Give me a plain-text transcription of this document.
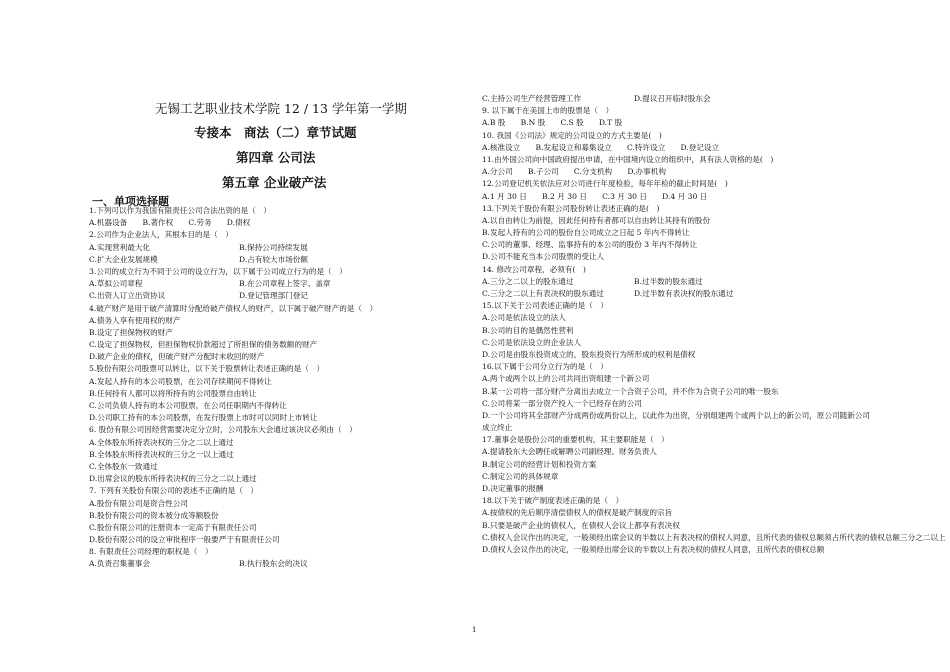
无锡工艺职业技术学院 12 / 13 学年第一学期
专接本　商法（二）章节试题
第四章 公司法
第五章 企业破产法
一、单项选择题
1.下列可以作为我国有限责任公司合法出资的是（　）
A.机器设备　　B.著作权　　C.劳务　　D.债权
2.公司作为企业法人，其根本目的是（　）
A.实现营利最大化	B.保持公司持续发展
C.扩大企业发展规模	D.占有较大市场份额
3.公司的成立行为不同于公司的设立行为，以下属于公司成立行为的是（　）
A.草拟公司章程	B.在公司章程上签字、盖章
C.出资人订立出资协议	D.登记管理部门登记
4.破产财产是用于破产清算时分配给破产债权人的财产，以下属于破产财产的是（　）
A.债务人享有使用权的财产
B.设定了担保物权的财产
C.设定了担保物权，但担保物权价款超过了所担保的债务数额的财产
D.破产企业的债权，但破产财产分配时未收回的财产
5.股份有限公司股票可以转让，以下关于股票转让表述正确的是（　）
A.发起人持有的本公司股票，在公司存续期间不得转让
B.任何持有人都可以将所持有的公司股票自由转让
C.公司负债人持有的本公司股票，在公司任职期内不得转让
D.公司职工持有的本公司股票，在发行股票上市时可以同时上市转让
6. 股份有限公司因经营需要决定分立时，公司股东大会通过该决议必须由（　）
A.全体股东所持表决权的三分之二以上通过
B.全体股东所持表决权的三分之一以上通过
C.全体股东一致通过
D.出席会议的股东所持表决权的三分之二以上通过
7. 下列有关股份有限公司的表述不正确的是（　）
A.股份有限公司是资合性公司
B.股份有限公司的资本被分成等额股份
C.股份有限公司的注册资本一定高于有限责任公司
D.股份有限公司的设立审批程序一般要严于有限责任公司
8. 有限责任公司经理的职权是（　）
A.负责召集董事会	B.执行股东会的决议
C.主持公司生产经营管理工作	D.提议召开临时股东会
9. 以下属于在美国上市的股票是（　）
A.B 股　　B.N 股　　C.S 股　　D.T 股
10. 我国《公司法》规定的公司设立的方式主要是(　)
A.核准设立　　B.发起设立和募集设立　　C.特许设立　　D.登记设立
11.由外国公司向中国政府提出申请，在中国境内设立的组织中，具有法人资格的是(　)
A.分公司　　B.子公司　　C.分支机构　　D.办事机构
12.公司登记机关依法应对公司进行年度检验，每年年检的截止时间是(　)
A.1 月 30 日　　B.2 月 30 日　　C.3 月 30 日　　D.4 月 30 日
13.下列关于股份有限公司股份转让表述正确的是(　)
A.以自由转让为前提，因此任何持有者都可以自由转让其持有的股份
B.发起人持有的公司的股份自公司成立之日起 5 年内不得转让
C.公司的董事、经理、监事持有的本公司的股份 3 年内不得转让
D.公司不能充当本公司股票的受让人
14. 修改公司章程，必须有(　)
A.三分之二以上的股东通过	B.过半数的股东通过
C.三分之二以上有表决权的股东通过	D.过半数有表决权的股东通过
15.以下关于公司表述正确的是（　）
A.公司是依法设立的法人
B.公司的目的是偶然性营利
C.公司是依法设立的企业法人
D.公司是由股东投资成立的，股东投资行为所形成的权利是债权
16.以下属于公司分立行为的是（　）
A.两个或两个以上的公司共同出资组建一个新公司
B.某一公司将一部分财产分离出去成立一个合资子公司，并不作为合资子公司的唯一股东
C.公司将某一部分资产投入一个已经存在的公司
D.一个公司将其全部财产分成两份或两份以上，以此作为出资，分别组建两个或两个以上的新公司，原公司随新公司成立终止
17.董事会是股份公司的重要机构，其主要职能是（　）
A.提请股东大会聘任或解聘公司副经理、财务负责人
B.制定公司的经营计划和投资方案
C.制定公司的具体规章
D.决定董事的报酬
18.以下关于破产制度表述正确的是（　）
A.按债权的先后顺序清偿债权人的债权是破产制度的宗旨
B.只要是破产企业的债权人，在债权人会议上都享有表决权
C.债权人会议作出的决定，一般须经出席会议的半数以上有表决权的债权人同意，且所代表的债权总额须占所代表的债权总额三分之二以上
D.债权人会议作出的决定，一般须经出席会议的半数以上有表决权的债权人同意，且所代表的债权总额
1
